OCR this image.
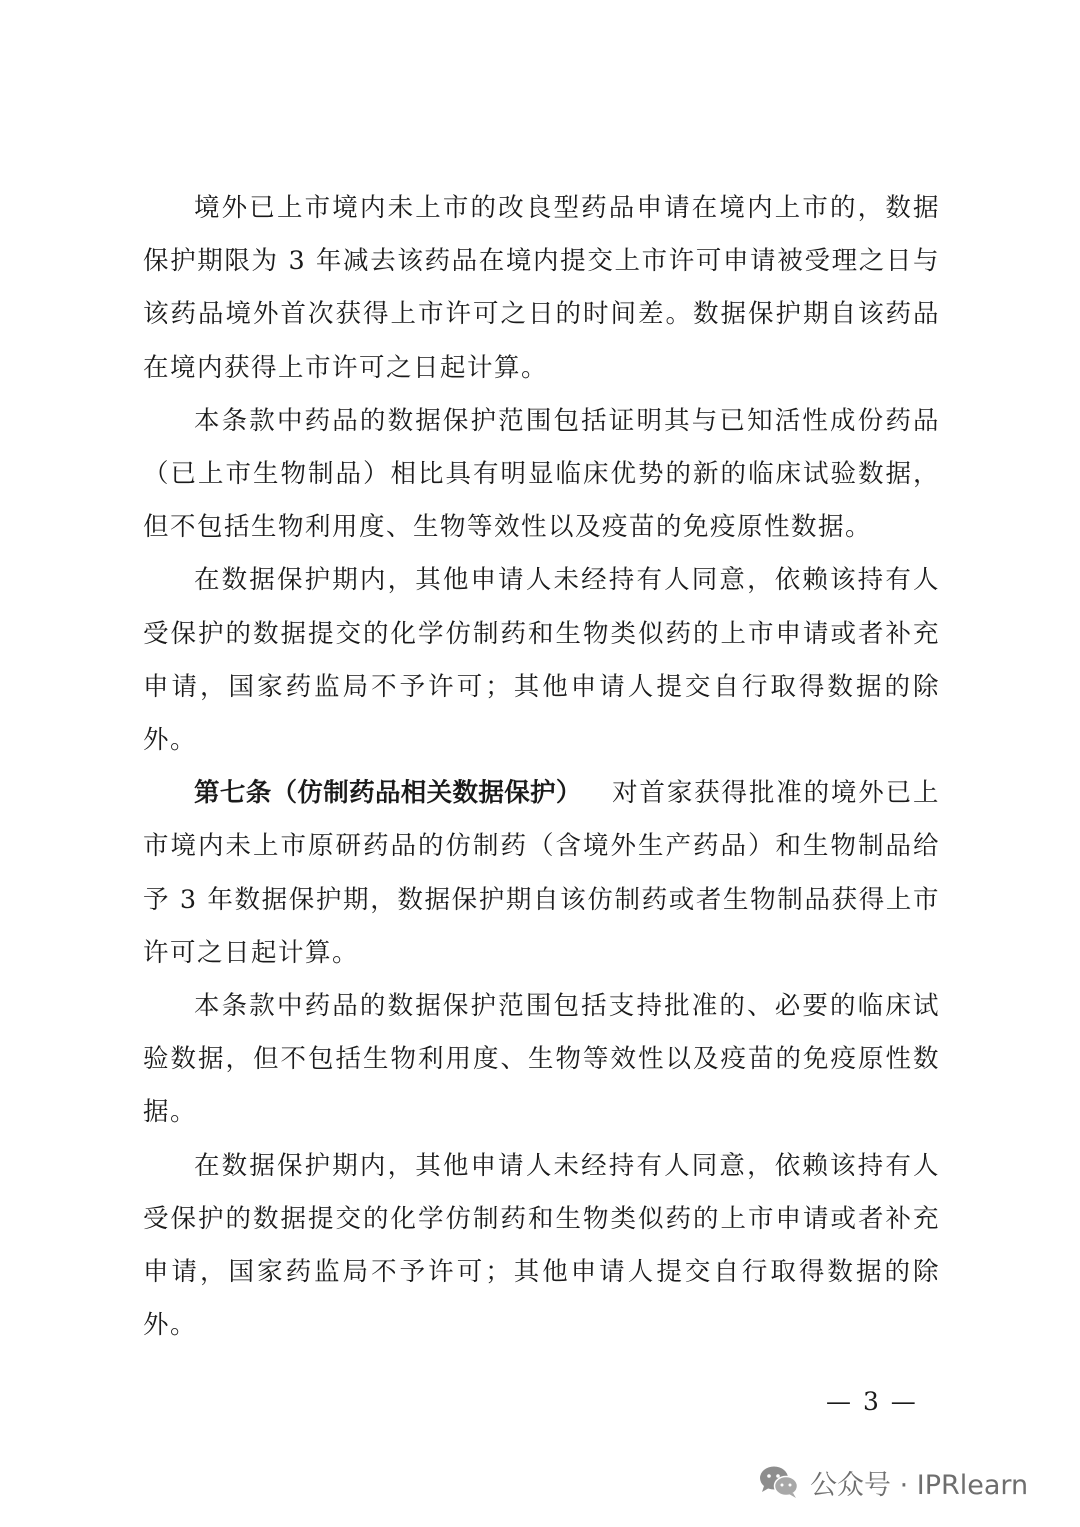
境外已上市境内未上市的改良型药品申请在境内上市的，数据保护期限为 3 年减去该药品在境内提交上市许可申请被受理之日与该药品境外首次获得上市许可之日的时间差。数据保护期自该药品在境内获得上市许可之日起计算。

本条款中药品的数据保护范围包括证明其与已知活性成份药品（已上市生物制品）相比具有明显临床优势的新的临床试验数据，但不包括生物利用度、生物等效性以及疫苗的免疫原性数据。

在数据保护期内，其他申请人未经持有人同意，依赖该持有人受保护的数据提交的化学仿制药和生物类似药的上市申请或者补充申请，国家药监局不予许可；其他申请人提交自行取得数据的除外。

第七条（仿制药品相关数据保护） 对首家获得批准的境外已上市境内未上市原研药品的仿制药（含境外生产药品）和生物制品给予 3 年数据保护期，数据保护期自该仿制药或者生物制品获得上市许可之日起计算。

本条款中药品的数据保护范围包括支持批准的、必要的临床试验数据，但不包括生物利用度、生物等效性以及疫苗的免疫原性数据。

在数据保护期内，其他申请人未经持有人同意，依赖该持有人受保护的数据提交的化学仿制药和生物类似药的上市申请或者补充申请，国家药监局不予许可；其他申请人提交自行取得数据的除外。

— 3 —
公众号 · IPRlearn
